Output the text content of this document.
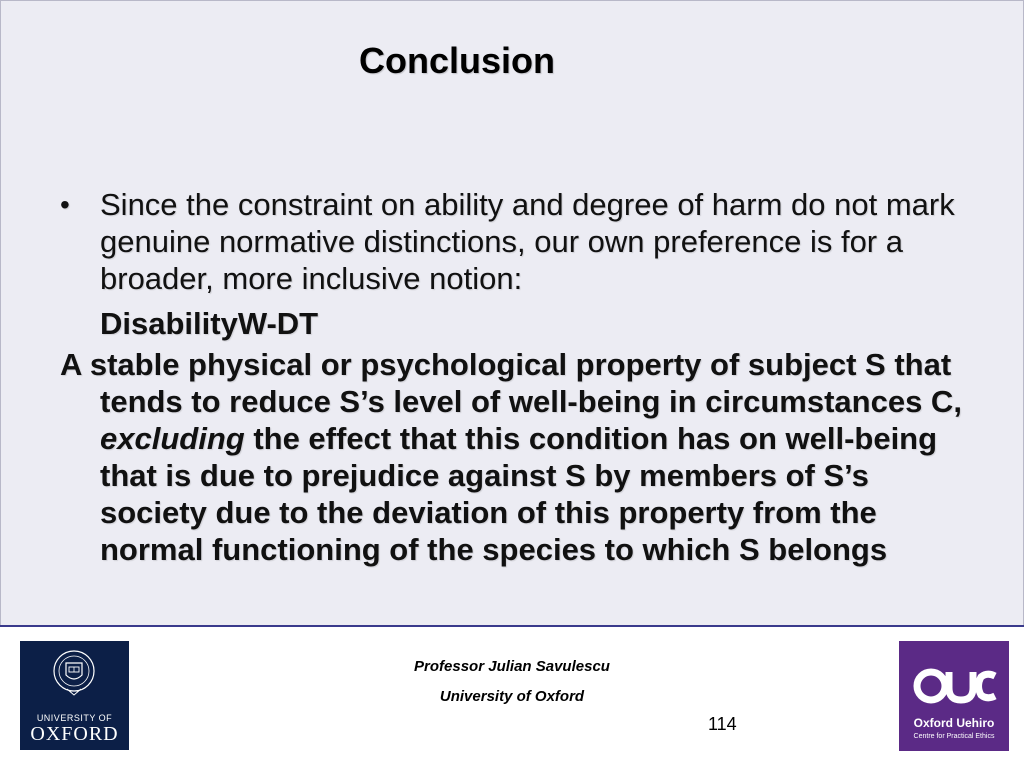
Conclusion
• Since the constraint on ability and degree of harm do not mark genuine normative distinctions, our own preference is for a broader, more inclusive notion:
DisabilityW-DT
A stable physical or psychological property of subject S that tends to reduce S’s level of well-being in circumstances C, excluding the effect that this condition has on well-being that is due to prejudice against S by members of S’s society due to the deviation of this property from the normal functioning of the species to which S belongs
UNIVERSITY OF
OXFORD
Professor Julian Savulescu
University of Oxford
114	Oxford Uehiro
Centre for Practical Ethics
